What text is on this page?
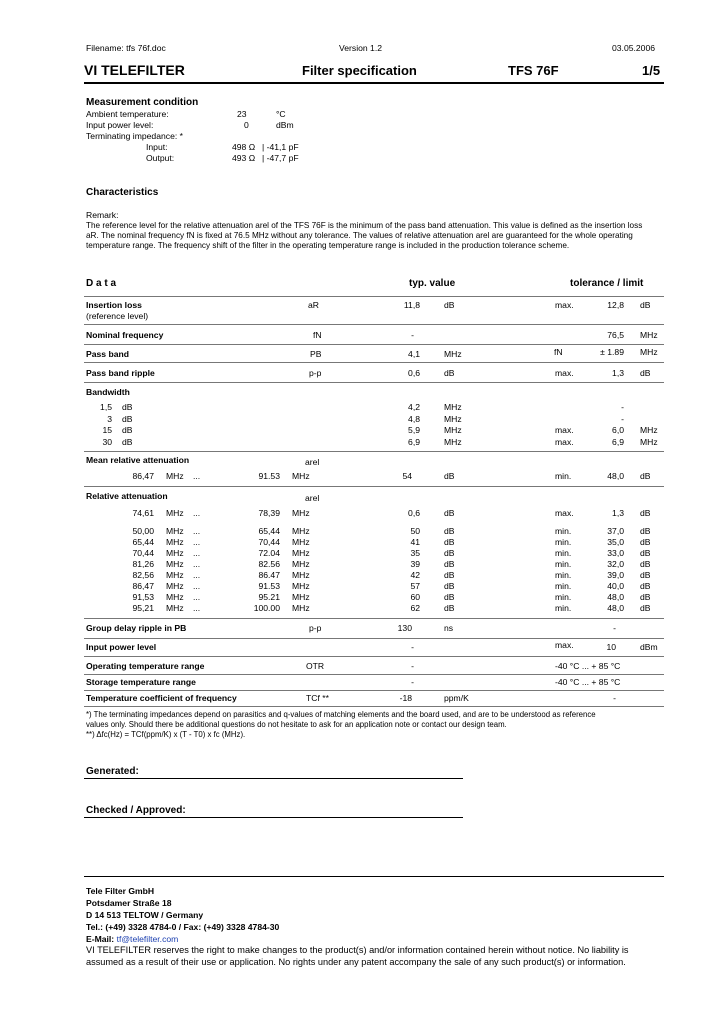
Filename: tfs 76f.doc	Version 1.2	03.05.2006
VI TELEFILTER	Filter specification	TFS 76F	1/5
Measurement condition
Ambient temperature:	23	°C
Input power level:	0	dBm
Terminating impedance: *
Input:	498 Ω | -41,1 pF
Output:	493 Ω | -47,7 pF
Characteristics
Remark:
The reference level for the relative attenuation arel of the TFS 76F is the minimum of the pass band attenuation. This value is defined as the insertion loss
aR. The nominal frequency fN is fixed at 76.5 MHz without any tolerance. The values of relative attenuation arel are guaranteed for the whole operating
temperature range. The frequency shift of the filter in the operating temperature range is included in the production tolerance scheme.
D a t a	typ. value	tolerance / limit
Insertion loss
(reference level)
aR	11,8	dB	max.	12,8 dB
Nominal frequency	fN	-	76,5 MHz
Pass band	PB	4,1	MHz	fN	± 1.89 MHz
Pass band ripple	p-p	0,6	dB	max.	1,3 dB
Bandwidth
1,5 dB	4,2	MHz	-
3 dB	4,8	MHz	-
15 dB	5,9	MHz	max.	6,0 MHz
30 dB	6,9	MHz	max.	6,9 MHz
Mean relative attenuation	arel
86,47 MHz ...	91.53 MHz	54	dB	min.	48,0 dB
Relative attenuation	arel
74,61 MHz ...	78,39 MHz	0,6	dB	max.	1,3 dB
50,00 MHz ...	65,44 MHz	50	dB	min.	37,0 dB
65,44 MHz ...	70,44 MHz	41	dB	min.	35,0 dB
70,44 MHz ...	72.04 MHz	35	dB	min.	33,0 dB
81,26 MHz ...	82.56 MHz	39	dB	min.	32,0 dB
82,56 MHz ...	86.47 MHz	42	dB	min.	39,0 dB
86,47 MHz ...	91.53 MHz	57	dB	min.	40,0 dB
91,53 MHz ...	95.21 MHz	60	dB	min.	48,0 dB
95,21 MHz ...	100.00 MHz	62	dB	min.	48,0 dB
Group delay ripple in PB	p-p	130	ns	-
Input power level	-	max.	10	dBm
Operating temperature range	OTR	-	-40 °C ... + 85 °C
Storage temperature range	-	-40 °C ... + 85 °C
Temperature coefficient of frequency	TCf **	-18	ppm/K	-
*) The terminating impedances depend on parasitics and q-values of matching elements and the board used, and are to be understood as reference
values only. Should there be additional questions do not hesitate to ask for an application note or contact our design team.
**) Δfc(Hz) = TCf(ppm/K) x (T - T0) x fc (MHz).
Generated:
Checked / Approved:
Tele Filter GmbH
Potsdamer Straße 18
D 14 513 TELTOW / Germany
Tel.: (+49) 3328 4784-0 / Fax: (+49) 3328 4784-30
E-Mail: tf@telefilter.com
VI TELEFILTER reserves the right to make changes to the product(s) and/or information contained herein without notice. No liability is
assumed as a result of their use or application. No rights under any patent accompany the sale of any such product(s) or information.
